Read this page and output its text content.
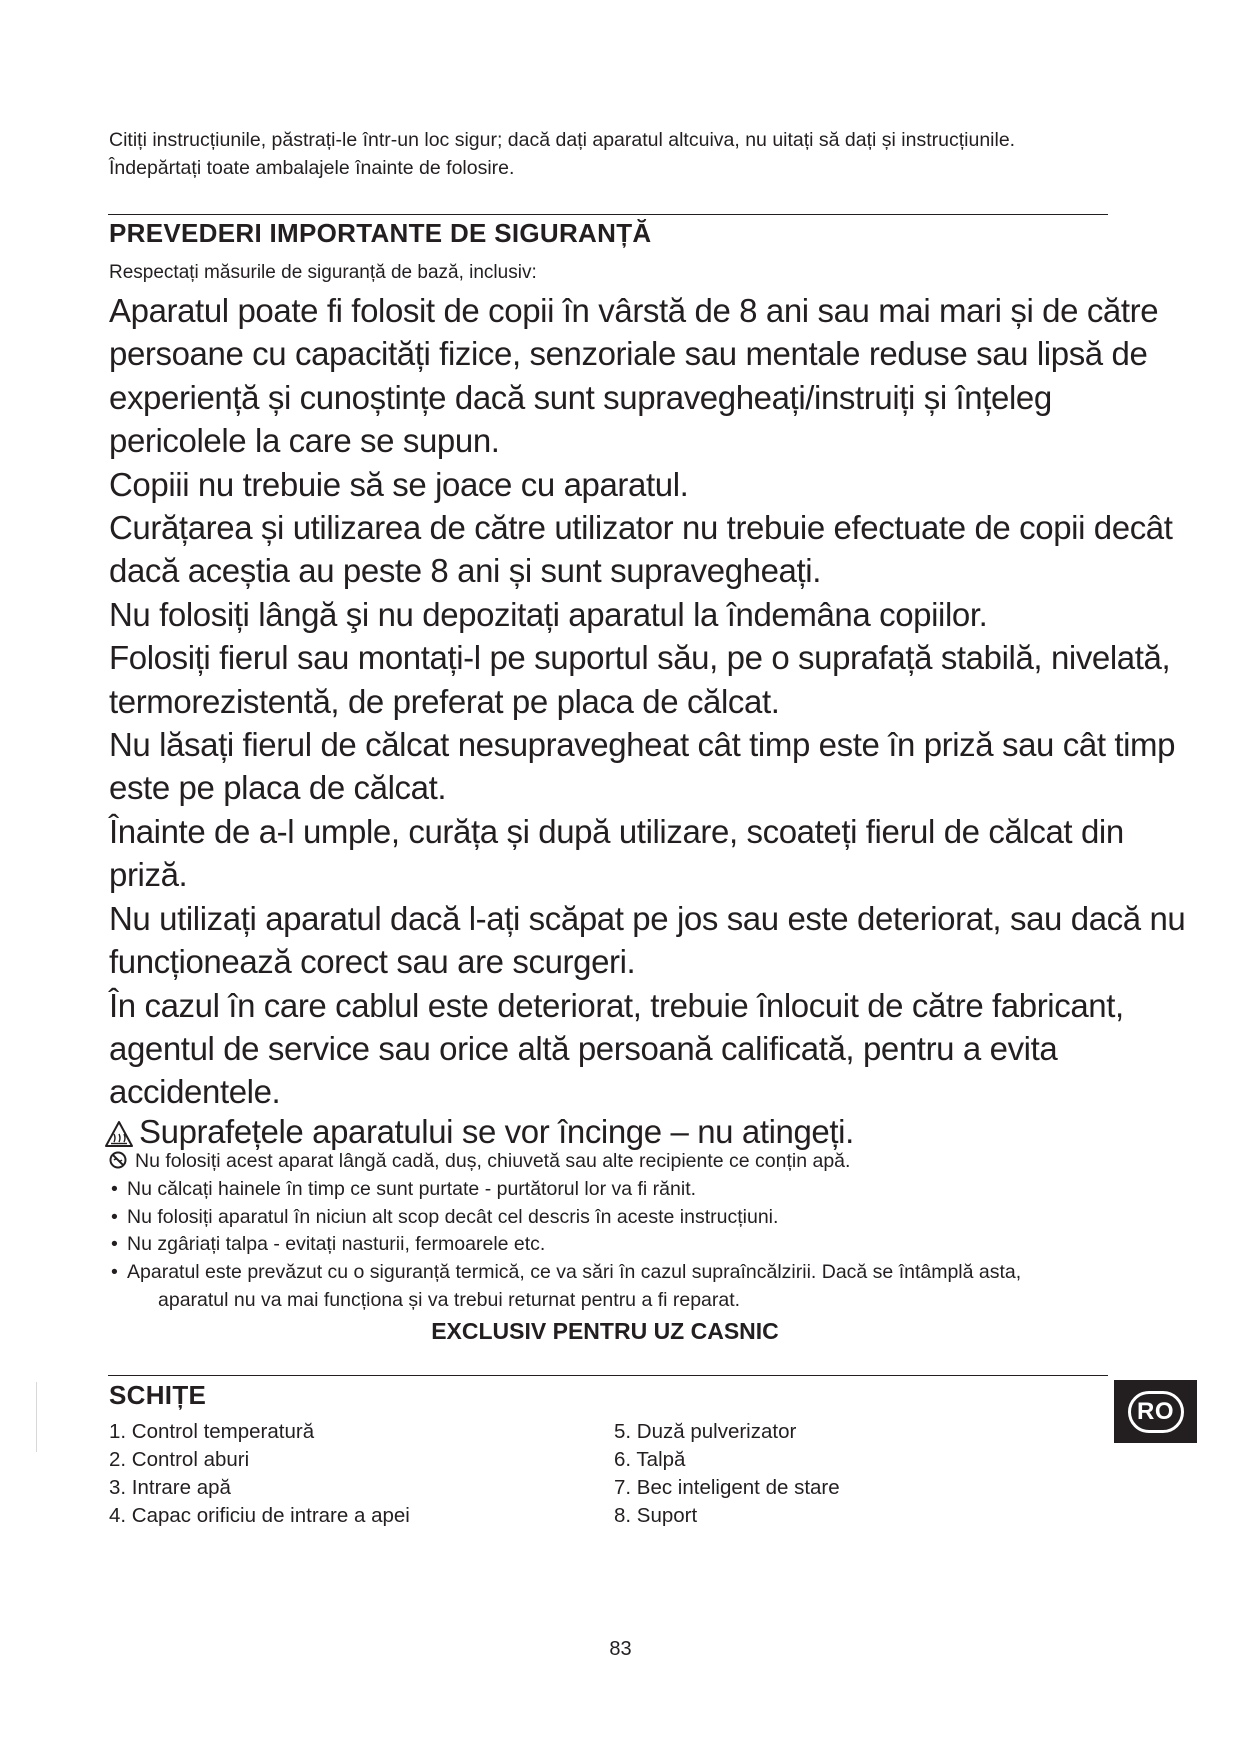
Citiți instrucțiunile, păstrați-le într-un loc sigur; dacă dați aparatul altcuiva, nu uitați să dați și instrucțiunile.
Îndepărtați toate ambalajele înainte de folosire.
PREVEDERI IMPORTANTE DE SIGURANȚĂ
Respectați măsurile de siguranță de bază, inclusiv:
Aparatul poate fi folosit de copii în vârstă de 8 ani sau mai mari și de către
persoane cu capacități fizice, senzoriale sau mentale reduse sau lipsă de
experiență și cunoștințe dacă sunt supravegheați/instruiți și înțeleg
pericolele la care se supun.
Copiii nu trebuie să se joace cu aparatul.
Curățarea și utilizarea de către utilizator nu trebuie efectuate de copii decât
dacă aceștia au peste 8 ani și sunt supravegheați.
Nu folosiți lângă şi nu depozitați aparatul la îndemâna copiilor.
Folosiți fierul sau montați-l pe suportul său, pe o suprafață stabilă, nivelată,
termorezistentă, de preferat pe placa de călcat.
Nu lăsați fierul de călcat nesupravegheat cât timp este în priză sau cât timp
este pe placa de călcat.
Înainte de a-l umple, curăța și după utilizare, scoateți fierul de călcat din
priză.
Nu utilizați aparatul dacă l-ați scăpat pe jos sau este deteriorat, sau dacă nu
funcționează corect sau are scurgeri.
În cazul în care cablul este deteriorat, trebuie înlocuit de către fabricant,
agentul de service sau orice altă persoană calificată, pentru a evita
accidentele.
Suprafețele aparatului se vor încinge – nu atingeți.
Nu folosiți acest aparat lângă cadă, duș, chiuvetă sau alte recipiente ce conțin apă.
• Nu călcați hainele în timp ce sunt purtate - purtătorul lor va fi rănit.
• Nu folosiți aparatul în niciun alt scop decât cel descris în aceste instrucțiuni.
• Nu zgâriați talpa - evitați nasturii, fermoarele etc.
• Aparatul este prevăzut cu o siguranță termică, ce va sări în cazul supraîncălzirii. Dacă se întâmplă asta,
aparatul nu va mai funcționa și va trebui returnat pentru a fi reparat.
EXCLUSIV PENTRU UZ CASNIC
SCHIȚE
1. Control temperatură
2. Control aburi
3. Intrare apă
4. Capac orificiu de intrare a apei
5. Duză pulverizator
6. Talpă
7. Bec inteligent de stare
8. Suport
RO
83
